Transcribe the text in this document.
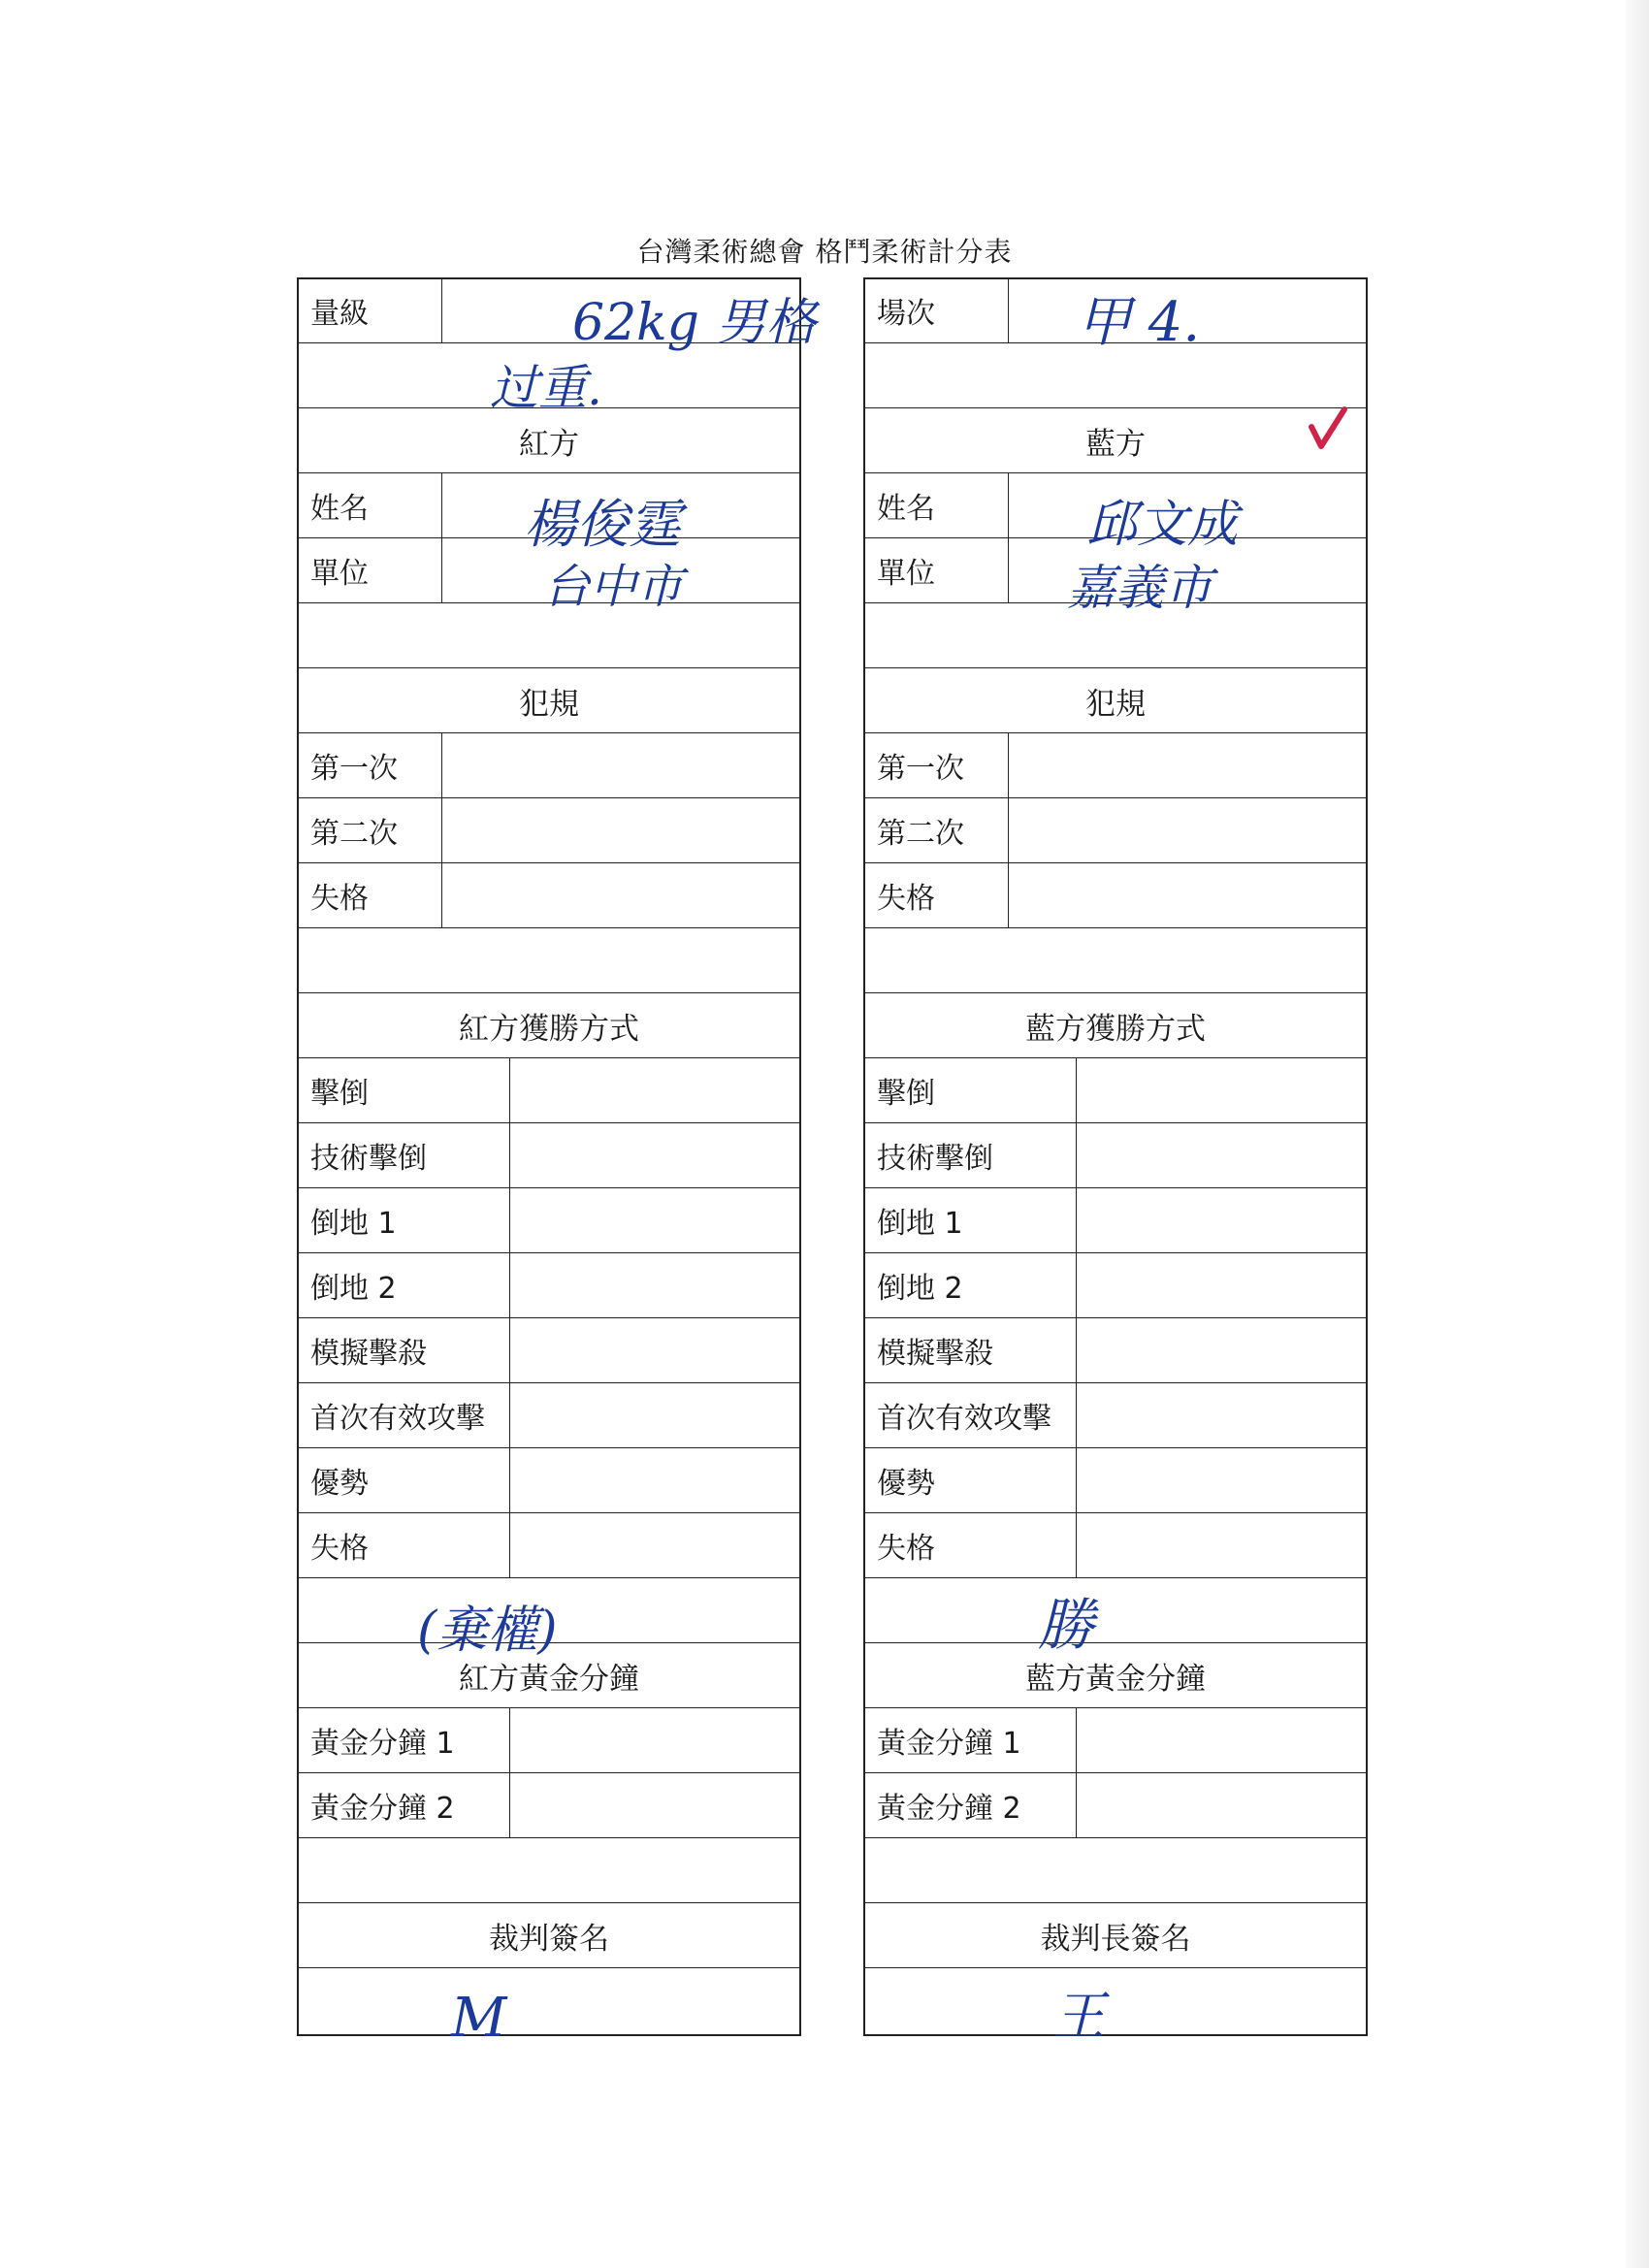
台灣柔術總會 格鬥柔術計分表
量級
紅方
姓名
單位
犯規
第一次
第二次
失格
紅方獲勝方式
擊倒
技術擊倒
倒地 1
倒地 2
模擬擊殺
首次有效攻擊
優勢
失格
紅方黃金分鐘
黃金分鐘 1
黃金分鐘 2
裁判簽名
場次
藍方
姓名
單位
犯規
第一次
第二次
失格
藍方獲勝方式
擊倒
技術擊倒
倒地 1
倒地 2
模擬擊殺
首次有效攻擊
優勢
失格
藍方黃金分鐘
黃金分鐘 1
黃金分鐘 2
裁判長簽名
62kg 男格
过重.
甲 4.
楊俊霆
台中市
邱文成
嘉義市
(棄權)	勝
M	王
